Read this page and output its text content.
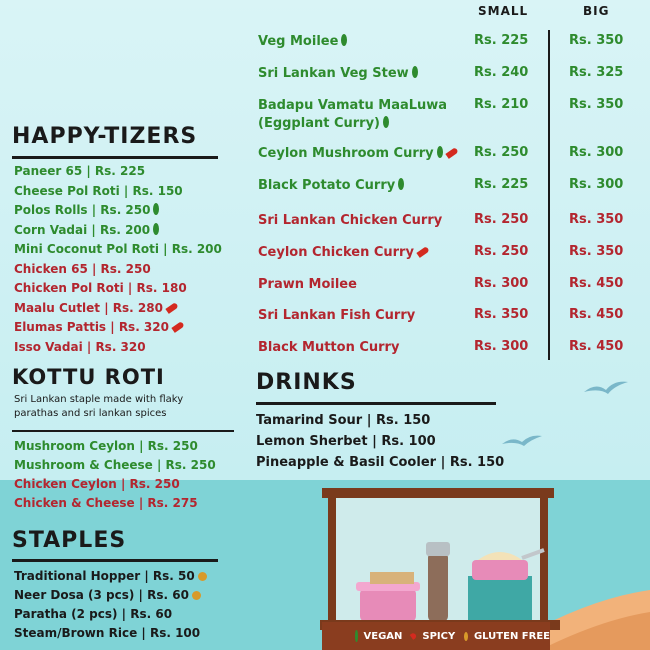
SMALL	BIG
HAPPY-TIZERS
KOTTU ROTI
Sri Lankan staple made with flaky
parathas and sri lankan spices
STAPLES
DRINKS
VEGAN SPICY GLUTEN FREE
Veg Moilee	Rs. 225	Rs. 350
Sri Lankan Veg Stew	Rs. 240	Rs. 325
Badapu Vamatu MaaLuwa
(Eggplant Curry)
Rs. 210	Rs. 350
Ceylon Mushroom Curry	Rs. 250	Rs. 300
Black Potato Curry	Rs. 225	Rs. 300
Sri Lankan Chicken Curry Rs. 250	Rs. 350
Ceylon Chicken Curry	Rs. 250	Rs. 350
Prawn Moilee	Rs. 300	Rs. 450
Sri Lankan Fish Curry	Rs. 350	Rs. 450
Black Mutton Curry	Rs. 300	Rs. 450
Paneer 65 | Rs. 225
Cheese Pol Roti | Rs. 150
Polos Rolls | Rs. 250
Corn Vadai | Rs. 200
Mini Coconut Pol Roti | Rs. 200
Chicken 65 | Rs. 250
Chicken Pol Roti | Rs. 180
Maalu Cutlet | Rs. 280
Elumas Pattis | Rs. 320
Isso Vadai | Rs. 320
Mushroom Ceylon | Rs. 250
Mushroom & Cheese | Rs. 250
Chicken Ceylon | Rs. 250
Chicken & Cheese | Rs. 275
Traditional Hopper | Rs. 50
Neer Dosa (3 pcs) | Rs. 60
Paratha (2 pcs) | Rs. 60
Steam/Brown Rice | Rs. 100
Tamarind Sour | Rs. 150
Lemon Sherbet | Rs. 100
Pineapple & Basil Cooler | Rs. 150
